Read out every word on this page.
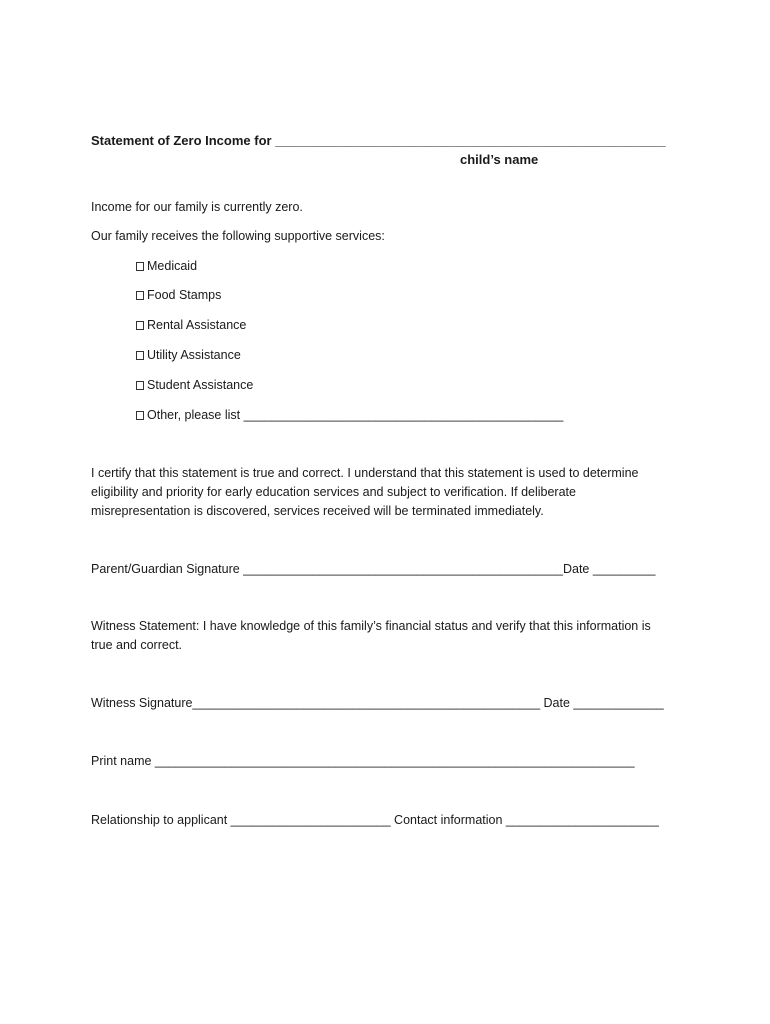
Statement of Zero Income for ______________________________________________________
child’s name
Income for our family is currently zero.
Our family receives the following supportive services:
Medicaid
Food Stamps
Rental Assistance
Utility Assistance
Student Assistance
Other, please list ______________________________________________
I certify that this statement is true and correct. I understand that this statement is used to determine
eligibility and priority for early education services and subject to verification. If deliberate
misrepresentation is discovered, services received will be terminated immediately.
Parent/Guardian Signature ______________________________________________Date _________
Witness Statement: I have knowledge of this family’s financial status and verify that this information is
true and correct.
Witness Signature__________________________________________________ Date _____________
Print name _____________________________________________________________________
Relationship to applicant _______________________ Contact information ______________________
